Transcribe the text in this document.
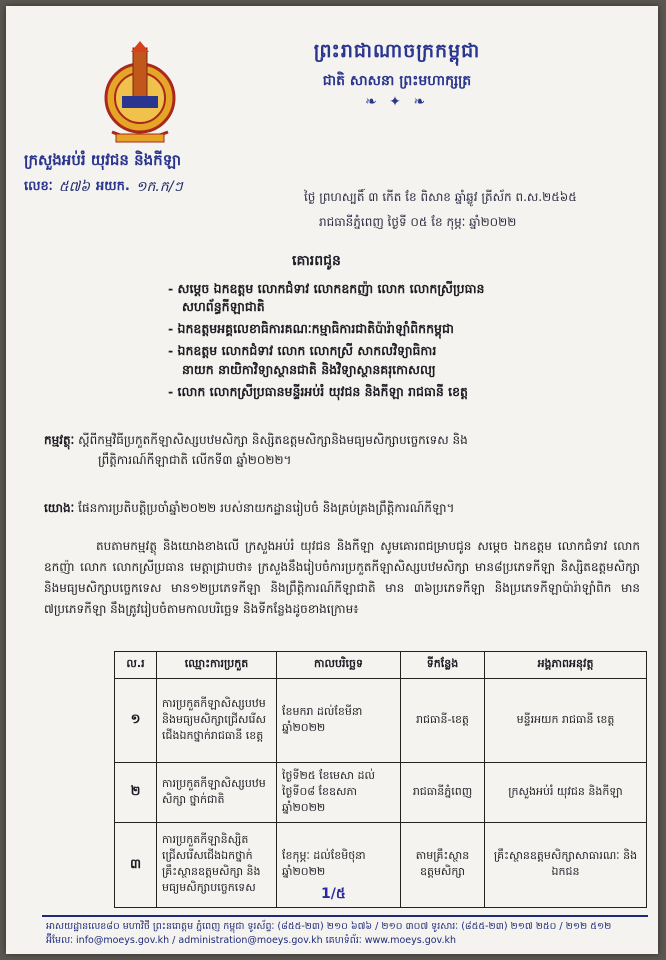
ព្រះរាជាណាចក្រកម្ពុជា
ជាតិ សាសនា ព្រះមហាក្សត្រ
❧ ✦ ❧
ក្រសួងអប់រំ យុវជន និងកីឡា
លេខៈ ៥៧៦ អយក. ១ក.ក/ៗ
ថ្ងៃ ព្រហស្បតិ៍ ៣ កើត ខែ ពិសាខ ឆ្នាំឆ្លូវ ត្រីស័ក ព.ស.២៥៦៥
រាជធានីភ្នំពេញ ថ្ងៃទី ០៥ ខែ កុម្ភៈ ឆ្នាំ២០២២
គោរពជូន
- សម្តេច ឯកឧត្តម លោកជំទាវ លោកឧកញ៉ា លោក លោកស្រីប្រធាន
សហព័ន្ធកីឡាជាតិ
- ឯកឧត្តមអគ្គលេខាធិការគណៈកម្មាធិការជាតិប៉ារ៉ាឡាំពិកកម្ពុជា
- ឯកឧត្តម លោកជំទាវ លោក លោកស្រី សាកលវិទ្យាធិការ
នាយក នាយិកាវិទ្យាស្ថានជាតិ និងវិទ្យាស្ថានគរុកោសល្យ
- លោក លោកស្រីប្រធានមន្ទីរអប់រំ យុវជន និងកីឡា រាជធានី ខេត្ត
កម្មវត្ថុៈ ស្តីពីកម្មវិធីប្រកួតកីឡាសិស្សបឋមសិក្សា និស្សិតឧត្តមសិក្សានិងមធ្យមសិក្សាបច្ចេកទេស និង
ព្រឹត្តិការណ៍កីឡាជាតិ លើកទី៣ ឆ្នាំ២០២២។
យោងៈ ផែនការប្រតិបត្តិប្រចាំឆ្នាំ២០២២ របស់នាយកដ្ឋានរៀបចំ និងគ្រប់គ្រងព្រឹត្តិការណ៍កីឡា។
តបតាមកម្មវត្ថុ និងយោងខាងលើ ក្រសួងអប់រំ យុវជន និងកីឡា សូមគោរពជម្រាបជូន សម្តេច ឯកឧត្តម លោកជំទាវ លោកឧកញ៉ា លោក លោកស្រីប្រធាន មេត្តាជ្រាបថា៖ ក្រសួងនឹងរៀបចំការប្រកួតកីឡាសិស្សបឋមសិក្សា មាន៨ប្រភេទកីឡា និស្សិតឧត្តមសិក្សានិងមធ្យមសិក្សាបច្ចេកទេស មាន១២ប្រភេទកីឡា និងព្រឹត្តិការណ៍កីឡាជាតិ មាន ៣៦ប្រភេទកីឡា និងប្រភេទកីឡាប៉ារ៉ាឡាំពិក មាន ៧ប្រភេទកីឡា នឹងត្រូវរៀបចំតាមកាលបរិច្ឆេទ និងទីកន្លែងដូចខាងក្រោម៖
ល.រ	ឈ្មោះការប្រកួត	កាលបរិច្ឆេទ	ទីកន្លែង	អង្គភាពអនុវត្ត
១	ការប្រកួតកីឡាសិស្សបឋម និងមធ្យមសិក្សាជ្រើសរើសជើងឯកថ្នាក់រាជធានី ខេត្ត	ខែមករា ដល់ខែមីនា ឆ្នាំ២០២២	រាជធានី-ខេត្ត	មន្ទីរអយក រាជធានី ខេត្ត
២	ការប្រកួតកីឡាសិស្សបឋមសិក្សា ថ្នាក់ជាតិ	ថ្ងៃទី២៥ ខែមេសា ដល់ថ្ងៃទី០៨ ខែឧសភា ឆ្នាំ២០២២	រាជធានីភ្នំពេញ	ក្រសួងអប់រំ យុវជន និងកីឡា
៣	ការប្រកួតកីឡានិស្សិតជ្រើសរើសជើងឯកថ្នាក់គ្រឹះស្ថានឧត្តមសិក្សា និងមធ្យមសិក្សាបច្ចេកទេស	ខែកុម្ភៈ ដល់ខែមិថុនា ឆ្នាំ២០២២	តាមគ្រឹះស្ថានឧត្តមសិក្សា	គ្រឹះស្ថានឧត្តមសិក្សាសាធារណៈ និងឯកជន
1/៥
អាសយដ្ឋានលេខ៨០ មហាវិថី ព្រះនរោត្តម ភ្នំពេញ កម្ពុជា ទូរស័ព្ទៈ (៨៥៥-២៣) ២១០ ៦៧៦ / ២១០ ៣០៧ ទូរសារៈ (៨៥៥-២៣) ២១៧ ២៥០ / ២១២ ៥១២
អ៊ីមែលៈ info@moeys.gov.kh / administration@moeys.gov.kh គេហទំព័រៈ www.moeys.gov.kh
